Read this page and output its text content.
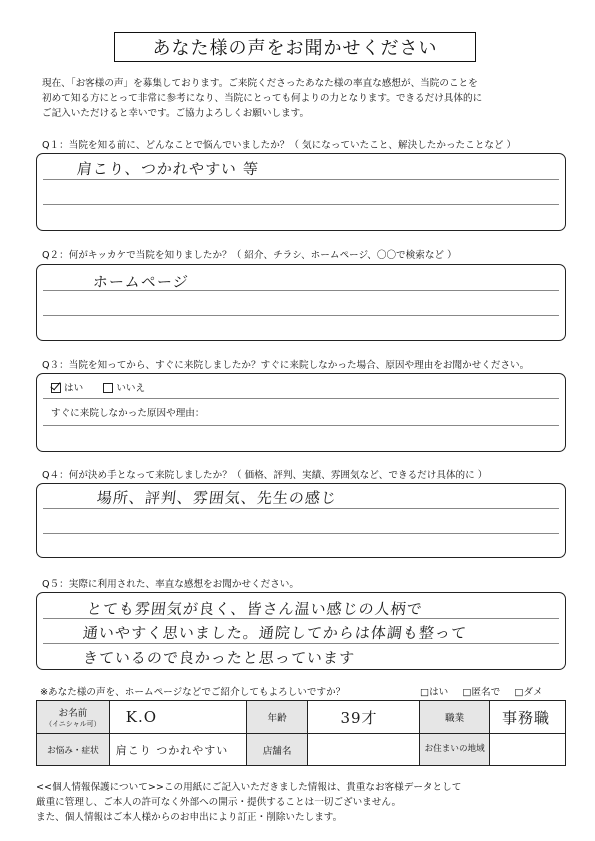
あなた様の声をお聞かせください
現在、「お客様の声」を募集しております。ご来院くださったあなた様の率直な感想が、当院のことを
初めて知る方にとって非常に参考になり、当院にとっても何よりの力となります。できるだけ具体的に
ご記入いただけると幸いです。ご協力よろしくお願いします。
Q１：当院を知る前に、どんなことで悩んでいましたか？（ 気になっていたこと、解決したかったことなど ）
肩こり、つかれやすい 等
Q２：何がキッカケで当院を知りましたか？（ 紹介、チラシ、ホームページ、〇〇で検索など ）
ホームページ
Q３：当院を知ってから、すぐに来院しましたか？すぐに来院しなかった場合、原因や理由をお聞かせください。
はい	いいえ
すぐに来院しなかった原因や理由：
Q４：何が決め手となって来院しましたか？（ 価格、評判、実績、雰囲気など、できるだけ具体的に ）
場所、評判、雰囲気、先生の感じ
Q５：実際に利用された、率直な感想をお聞かせください。
とても雰囲気が良く、皆さん温い感じの人柄で
通いやすく思いました。通院してからは体調も整って
きているので良かったと思っています
※あなた様の声を、ホームページなどでご紹介してもよろしいですか？	□はい □匿名で □ダメ
お名前
（イニシャル可）	K.O	年齢	39才	職業	事務職
お悩み・症状	肩こり つかれやすい	店舗名		お住まいの地域	
<<個人情報保護について>>この用紙にご記入いただきました情報は、貴重なお客様データとして
厳重に管理し、ご本人の許可なく外部への開示・提供することは一切ございません。
また、個人情報はご本人様からのお申出により訂正・削除いたします。
